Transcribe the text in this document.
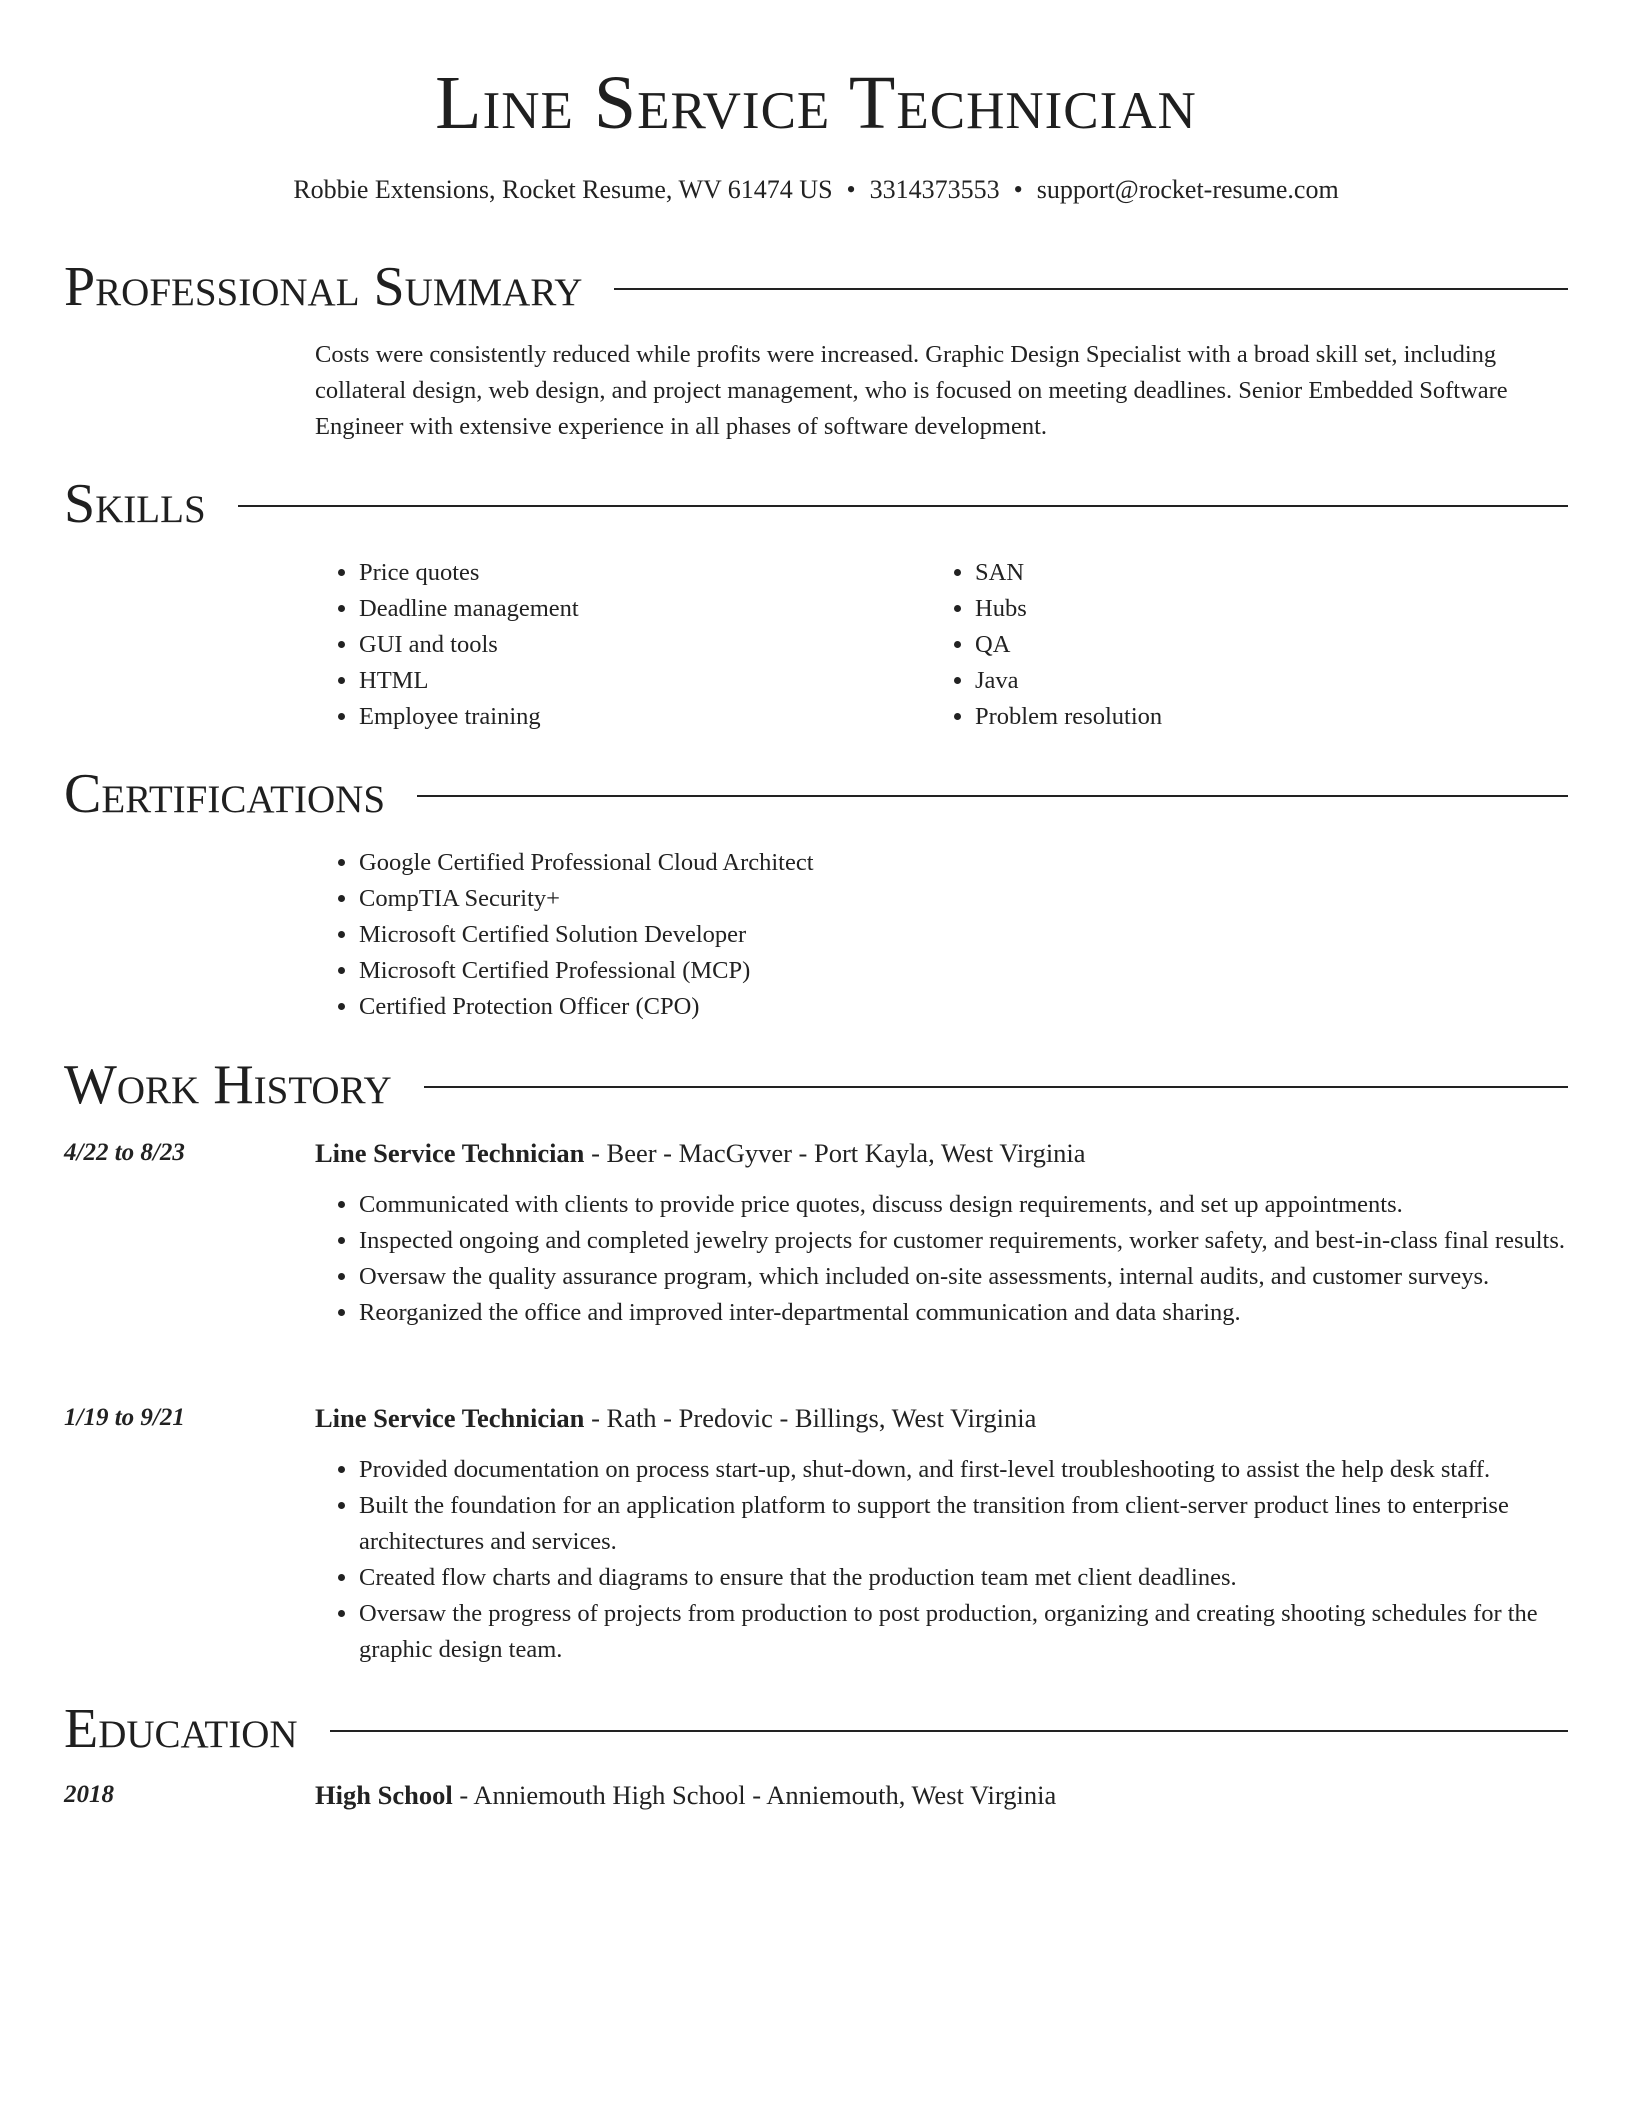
Line Service Technician
Robbie Extensions, Rocket Resume, WV 61474 US • 3314373553 • support@rocket-resume.com
Professional Summary
Costs were consistently reduced while profits were increased. Graphic Design Specialist with a broad skill set, including collateral design, web design, and project management, who is focused on meeting deadlines. Senior Embedded Software Engineer with extensive experience in all phases of software development.
Skills
• Price quotes
• Deadline management
• GUI and tools
• HTML
• Employee training
• SAN
• Hubs
• QA
• Java
• Problem resolution
Certifications
• Google Certified Professional Cloud Architect
• CompTIA Security+
• Microsoft Certified Solution Developer
• Microsoft Certified Professional (MCP)
• Certified Protection Officer (CPO)
Work History
4/22 to 8/23	Line Service Technician - Beer - MacGyver - Port Kayla, West Virginia
• Communicated with clients to provide price quotes, discuss design requirements, and set up appointments.
• Inspected ongoing and completed jewelry projects for customer requirements, worker safety, and best-in-class final results.
• Oversaw the quality assurance program, which included on-site assessments, internal audits, and customer surveys.
• Reorganized the office and improved inter-departmental communication and data sharing.
1/19 to 9/21	Line Service Technician - Rath - Predovic - Billings, West Virginia
• Provided documentation on process start-up, shut-down, and first-level troubleshooting to assist the help desk staff.
• Built the foundation for an application platform to support the transition from client-server product lines to enterprise architectures and services.
• Created flow charts and diagrams to ensure that the production team met client deadlines.
• Oversaw the progress of projects from production to post production, organizing and creating shooting schedules for the graphic design team.
Education
2018	High School - Anniemouth High School - Anniemouth, West Virginia
